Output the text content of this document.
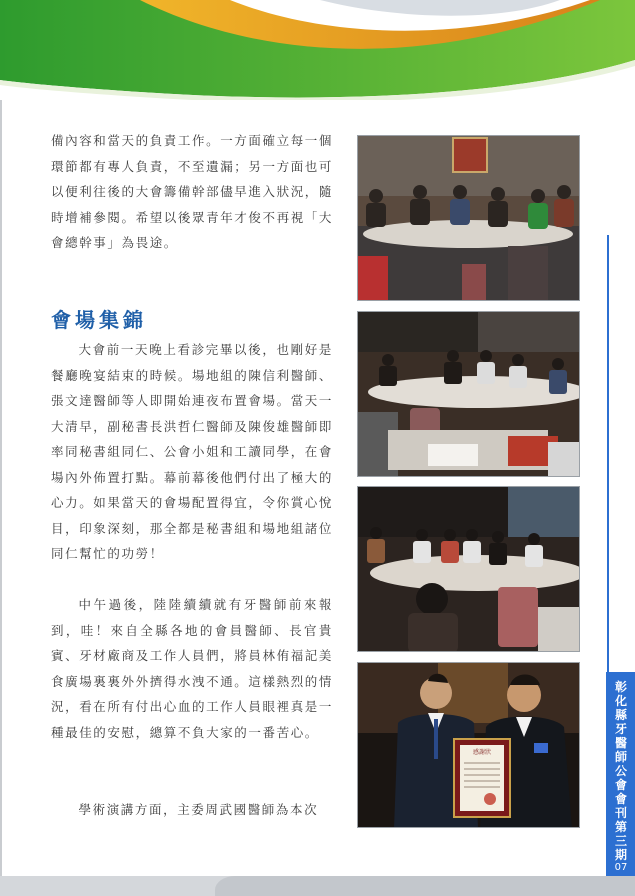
備內容和當天的負責工作。一方面確立每一個環節都有專人負責，不至遺漏；另一方面也可以便利往後的大會籌備幹部儘早進入狀況，隨時增補參閱。希望以後眾青年才俊不再視「大會總幹事」為畏途。

會場集錦

大會前一天晚上看診完畢以後，也剛好是餐廳晚宴結束的時候。場地組的陳信利醫師、張文達醫師等人即開始連夜布置會場。當天一大清早，副秘書長洪哲仁醫師及陳俊雄醫師即率同秘書組同仁、公會小姐和工讀同學，在會場內外佈置打點。幕前幕後他們付出了極大的心力。如果當天的會場配置得宜，令你賞心悅目，印象深刻，那全都是秘書組和場地組諸位同仁幫忙的功勞！

中午過後，陸陸續續就有牙醫師前來報到，哇！來自全縣各地的會員醫師、長官貴賓、牙材廠商及工作人員們，將員林侑福記美食廣場裏裏外外擠得水洩不通。這樣熱烈的情況，看在所有付出心血的工作人員眼裡真是一種最佳的安慰，總算不負大家的一番苦心。

學術演講方面，主委周武國醫師為本次

感謝狀
彰化縣牙醫師公會會刊第三期
07
